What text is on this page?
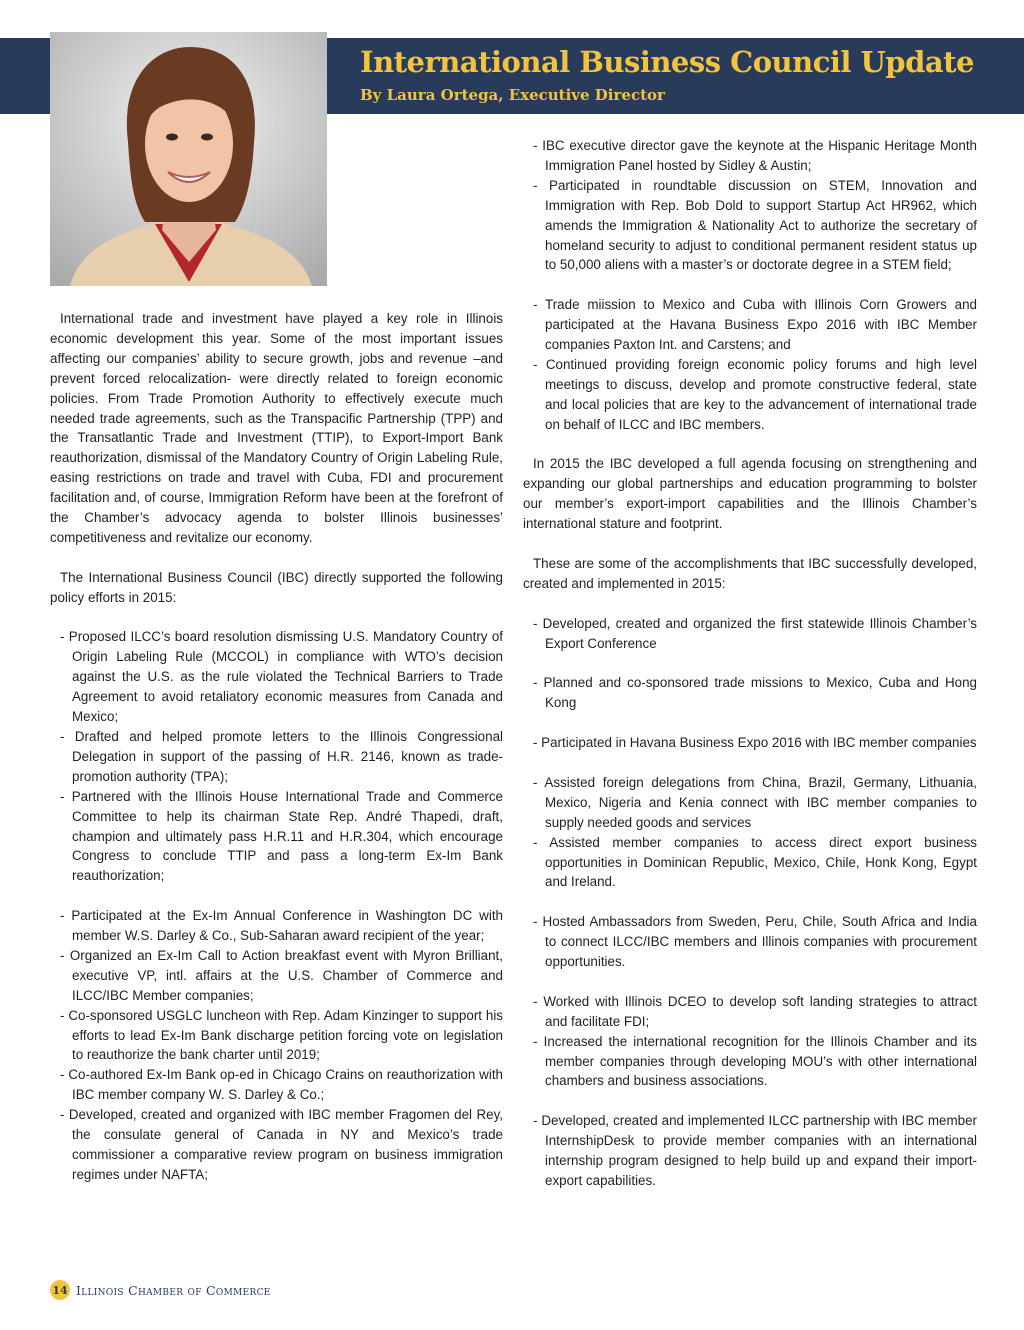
International Business Council Update
By Laura Ortega, Executive Director

International trade and investment have played a key role in Illinois economic development this year. Some of the most important issues affecting our companies’ ability to secure growth, jobs and revenue –and prevent forced relocalization- were directly related to foreign economic policies. From Trade Promotion Authority to effectively execute much needed trade agreements, such as the Transpacific Partnership (TPP) and the Transatlantic Trade and Investment (TTIP), to Export-Import Bank reauthorization, dismissal of the Mandatory Country of Origin Labeling Rule, easing restrictions on trade and travel with Cuba, FDI and procurement facilitation and, of course, Immigration Reform have been at the forefront of the Chamber’s advocacy agenda to bolster Illinois businesses’ competitiveness and revitalize our economy.

The International Business Council (IBC) directly supported the following policy efforts in 2015:

- Proposed ILCC’s board resolution dismissing U.S. Mandatory Country of Origin Labeling Rule (MCCOL) in compliance with WTO’s decision against the U.S. as the rule violated the Technical Barriers to Trade Agreement to avoid retaliatory economic measures from Canada and Mexico;

- Drafted and helped promote letters to the Illinois Congressional Delegation in support of the passing of H.R. 2146, known as trade-promotion authority (TPA);

- Partnered with the Illinois House International Trade and Commerce Committee to help its chairman State Rep. André Thapedi, draft, champion and ultimately pass H.R.11 and H.R.304, which encourage Congress to conclude TTIP and pass a long-term Ex-Im Bank reauthorization;

- Participated at the Ex-Im Annual Conference in Washington DC with member W.S. Darley & Co., Sub-Saharan award recipient of the year;

- Organized an Ex-Im Call to Action breakfast event with Myron Brilliant, executive VP, intl. affairs at the U.S. Chamber of Commerce and ILCC/IBC Member companies;

- Co-sponsored USGLC luncheon with Rep. Adam Kinzinger to support his efforts to lead Ex-Im Bank discharge petition forcing vote on legislation to reauthorize the bank charter until 2019;

- Co-authored Ex-Im Bank op-ed in Chicago Crains on reauthorization with IBC member company W. S. Darley & Co.;

- Developed, created and organized with IBC member Fragomen del Rey, the consulate general of Canada in NY and Mexico’s trade commissioner a comparative review program on business immigration regimes under NAFTA;

- IBC executive director gave the keynote at the Hispanic Heritage Month Immigration Panel hosted by Sidley & Austin;

- Participated in roundtable discussion on STEM, Innovation and Immigration with Rep. Bob Dold to support Startup Act HR962, which amends the Immigration & Nationality Act to authorize the secretary of homeland security to adjust to conditional permanent resident status up to 50,000 aliens with a master’s or doctorate degree in a STEM field;

- Trade miission to Mexico and Cuba with Illinois Corn Growers and participated at the Havana Business Expo 2016 with IBC Member companies Paxton Int. and Carstens; and

- Continued providing foreign economic policy forums and high level meetings to discuss, develop and promote constructive federal, state and local policies that are key to the advancement of international trade on behalf of ILCC and IBC members.

In 2015 the IBC developed a full agenda focusing on strengthening and expanding our global partnerships and education programming to bolster our member’s export-import capabilities and the Illinois Chamber’s international stature and footprint.

These are some of the accomplishments that IBC successfully developed, created and implemented in 2015:

- Developed, created and organized the first statewide Illinois Chamber’s Export Conference

- Planned and co-sponsored trade missions to Mexico, Cuba and Hong Kong

- Participated in Havana Business Expo 2016 with IBC member companies

- Assisted foreign delegations from China, Brazil, Germany, Lithuania, Mexico, Nigeria and Kenia connect with IBC member companies to supply needed goods and services

- Assisted member companies to access direct export business opportunities in Dominican Republic, Mexico, Chile, Honk Kong, Egypt and Ireland.

- Hosted Ambassadors from Sweden, Peru, Chile, South Africa and India to connect ILCC/IBC members and Illinois companies with procurement opportunities.

- Worked with Illinois DCEO to develop soft landing strategies to attract and facilitate FDI;

- Increased the international recognition for the Illinois Chamber and its member companies through developing MOU’s with other international chambers and business associations.

- Developed, created and implemented ILCC partnership with IBC member InternshipDesk to provide member companies with an international internship program designed to help build up and expand their import-export capabilities.

14 Illinois Chamber of Commerce
